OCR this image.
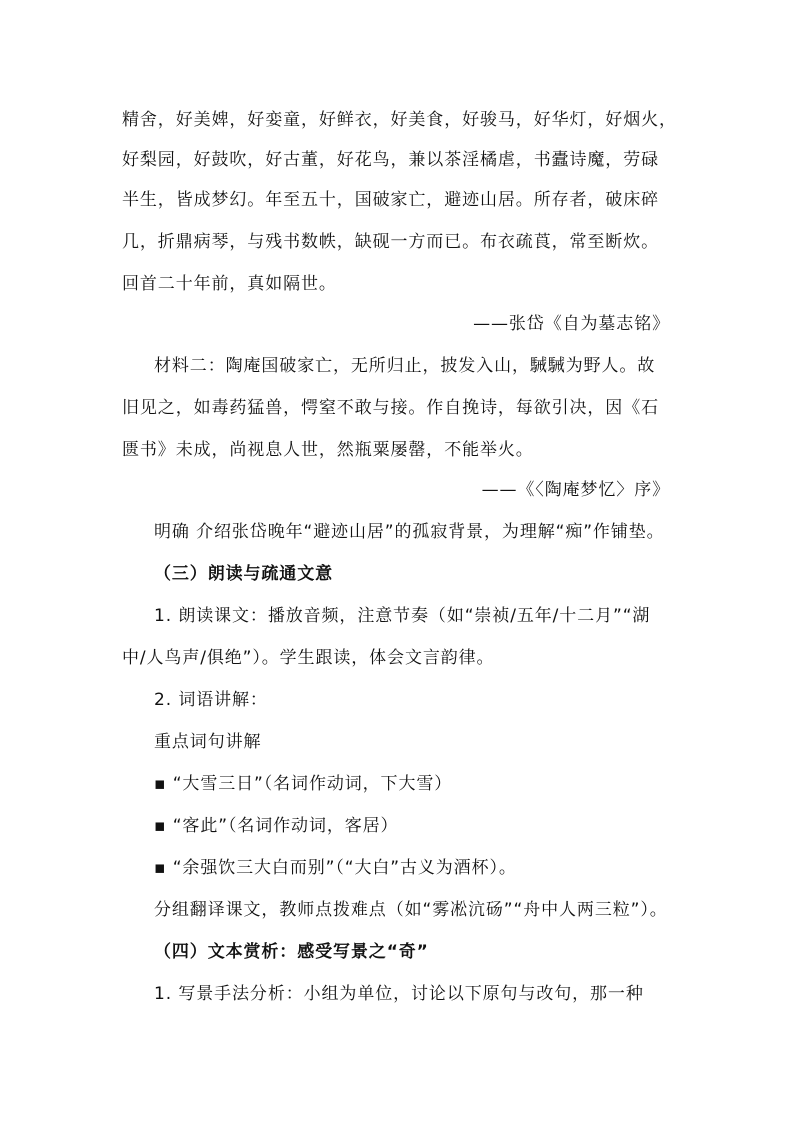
精舍，好美婢，好娈童，好鲜衣，好美食，好骏马，好华灯，好烟火，
好梨园，好鼓吹，好古董，好花鸟，兼以茶淫橘虐，书蠹诗魔，劳碌
半生，皆成梦幻。年至五十，国破家亡，避迹山居。所存者，破床碎
几，折鼎病琴，与残书数帙，缺砚一方而已。布衣疏莨，常至断炊。
回首二十年前，真如隔世。
——张岱《自为墓志铭》
材料二：陶庵国破家亡，无所归止，披发入山，駴駴为野人。故
旧见之，如毒药猛兽，愕窒不敢与接。作自挽诗，每欲引决，因《石
匮书》未成，尚视息人世，然瓶粟屡罄，不能举火。
——《〈陶庵梦忆〉序》
明确 介绍张岱晚年“避迹山居”的孤寂背景，为理解“痴”作铺垫。
（三）朗读与疏通文意
1. 朗读课文：播放音频，注意节奏（如“崇祯/五年/十二月”“湖
中/人鸟声/俱绝”）。学生跟读，体会文言韵律。
2. 词语讲解：
重点词句讲解
▪ “大雪三日”（名词作动词，下大雪）
▪ “客此”（名词作动词，客居）
▪ “余强饮三大白而别”（“大白”古义为酒杯）。
分组翻译课文，教师点拨难点（如“雾凇沆砀”“舟中人两三粒”）。
（四）文本赏析：感受写景之“奇”
1. 写景手法分析：小组为单位，讨论以下原句与改句，那一种
